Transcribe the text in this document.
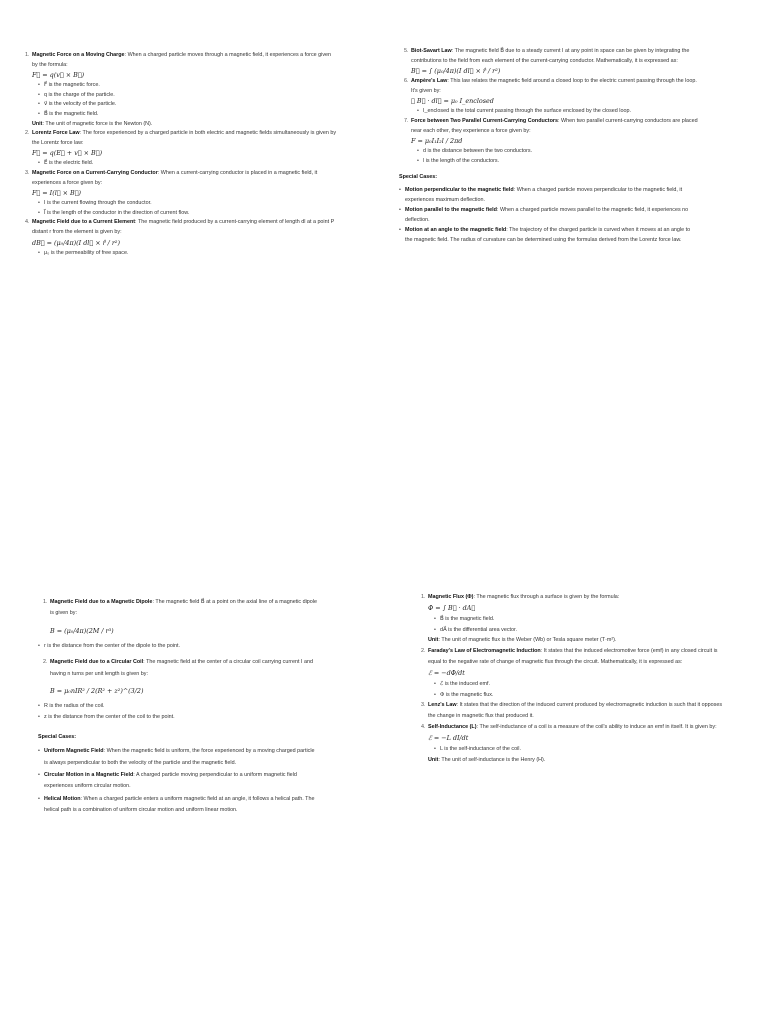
1. Magnetic Force on a Moving Charge: When a charged particle moves through a magnetic field, it experiences a force given by the formula:
F⃗ = q(v⃗ × B⃗)
• F⃗ is the magnetic force.
• q is the charge of the particle.
• v⃗ is the velocity of the particle.
• B⃗ is the magnetic field.
Unit: The unit of magnetic force is the Newton (N).
2. Lorentz Force Law: The force experienced by a charged particle in both electric and magnetic fields simultaneously is given by the Lorentz force law:
F⃗ = q(E⃗ + v⃗ × B⃗)
• E⃗ is the electric field.
3. Magnetic Force on a Current-Carrying Conductor: When a current-carrying conductor is placed in a magnetic field, it experiences a force given by:
F⃗ = I(l⃗ × B⃗)
• I is the current flowing through the conductor.
• l⃗ is the length of the conductor in the direction of current flow.
4. Magnetic Field due to a Current Element: The magnetic field produced by a current-carrying element of length dl at a point P distant r from the element is given by:
dB⃗ = (μ₀/4π)(I dl⃗ × r̂ / r²)
• μ₀ is the permeability of free space.
5. Biot-Savart Law: The magnetic field B⃗ due to a steady current I at any point in space can be given by integrating the contributions to the field from each element of the current-carrying conductor. Mathematically, it is expressed as:
B⃗ = ∫ (μ₀/4π)(I dl⃗ × r̂ / r²)
6. Ampère's Law: This law relates the magnetic field around a closed loop to the electric current passing through the loop. It's given by:
∮ B⃗ · dl⃗ = μ₀ I_enclosed
• I_enclosed is the total current passing through the surface enclosed by the closed loop.
7. Force between Two Parallel Current-Carrying Conductors: When two parallel current-carrying conductors are placed near each other, they experience a force given by:
F = μ₀I₁I₂l / 2πd
• d is the distance between the two conductors.
• l is the length of the conductors.
Special Cases:
• Motion perpendicular to the magnetic field: When a charged particle moves perpendicular to the magnetic field, it experiences maximum deflection.
• Motion parallel to the magnetic field: When a charged particle moves parallel to the magnetic field, it experiences no deflection.
• Motion at an angle to the magnetic field: The trajectory of the charged particle is curved when it moves at an angle to the magnetic field. The radius of curvature can be determined using the formulas derived from the Lorentz force law.
1. Magnetic Field due to a Magnetic Dipole: The magnetic field B⃗ at a point on the axial line of a magnetic dipole is given by:
B = (μ₀/4π)(2M / r³)
• r is the distance from the center of the dipole to the point.
2. Magnetic Field due to a Circular Coil: The magnetic field at the center of a circular coil carrying current I and having n turns per unit length is given by:
B = μ₀nIR² / 2(R² + z²)^(3/2)
• R is the radius of the coil.
• z is the distance from the center of the coil to the point.
Special Cases:
• Uniform Magnetic Field: When the magnetic field is uniform, the force experienced by a moving charged particle is always perpendicular to both the velocity of the particle and the magnetic field.
• Circular Motion in a Magnetic Field: A charged particle moving perpendicular to a uniform magnetic field experiences uniform circular motion.
• Helical Motion: When a charged particle enters a uniform magnetic field at an angle, it follows a helical path. The helical path is a combination of uniform circular motion and uniform linear motion.
1. Magnetic Flux (Φ): The magnetic flux through a surface is given by the formula:
Φ = ∫ B⃗ · dA⃗
• B⃗ is the magnetic field.
• dA⃗ is the differential area vector.
Unit: The unit of magnetic flux is the Weber (Wb) or Tesla square meter (T·m²).
2. Faraday's Law of Electromagnetic Induction: It states that the induced electromotive force (emf) in any closed circuit is equal to the negative rate of change of magnetic flux through the circuit. Mathematically, it is expressed as:
ℰ = −dΦ/dt
• ℰ is the induced emf.
• Φ is the magnetic flux.
3. Lenz's Law: It states that the direction of the induced current produced by electromagnetic induction is such that it opposes the change in magnetic flux that produced it.
4. Self-Inductance (L): The self-inductance of a coil is a measure of the coil's ability to induce an emf in itself. It is given by:
ℰ = −L dI/dt
• L is the self-inductance of the coil.
Unit: The unit of self-inductance is the Henry (H).
